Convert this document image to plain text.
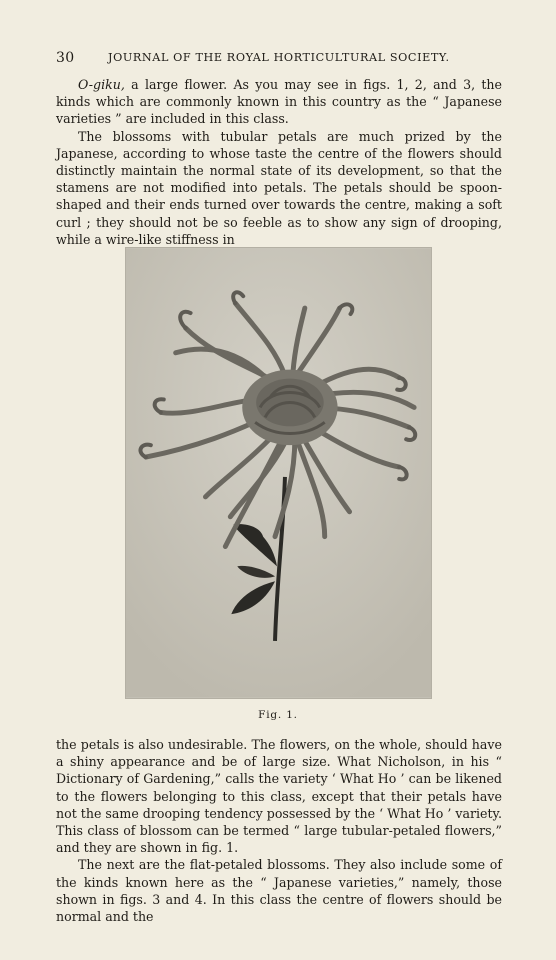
30	JOURNAL OF THE ROYAL HORTICULTURAL SOCIETY.

O-giku, a large flower. As you may see in figs. 1, 2, and 3, the kinds which are commonly known in this country as the “ Japanese varieties ” are included in this class.

The blossoms with tubular petals are much prized by the Japanese, according to whose taste the centre of the flowers should distinctly maintain the normal state of its development, so that the stamens are not modified into petals. The petals should be spoon-shaped and their ends turned over towards the centre, making a soft curl ; they should not be so feeble as to show any sign of drooping, while a wire-like stiffness in

Fig. 1.

the petals is also undesirable. The flowers, on the whole, should have a shiny appearance and be of large size. What Nicholson, in his “ Dictionary of Gardening,” calls the variety ‘ What Ho ’ can be likened to the flowers belonging to this class, except that their petals have not the same drooping tendency possessed by the ‘ What Ho ’ variety. This class of blossom can be termed “ large tubular-petaled flowers,” and they are shown in fig. 1.

The next are the flat-petaled blossoms. They also include some of the kinds known here as the “ Japanese varieties,” namely, those shown in figs. 3 and 4. In this class the centre of flowers should be normal and the
